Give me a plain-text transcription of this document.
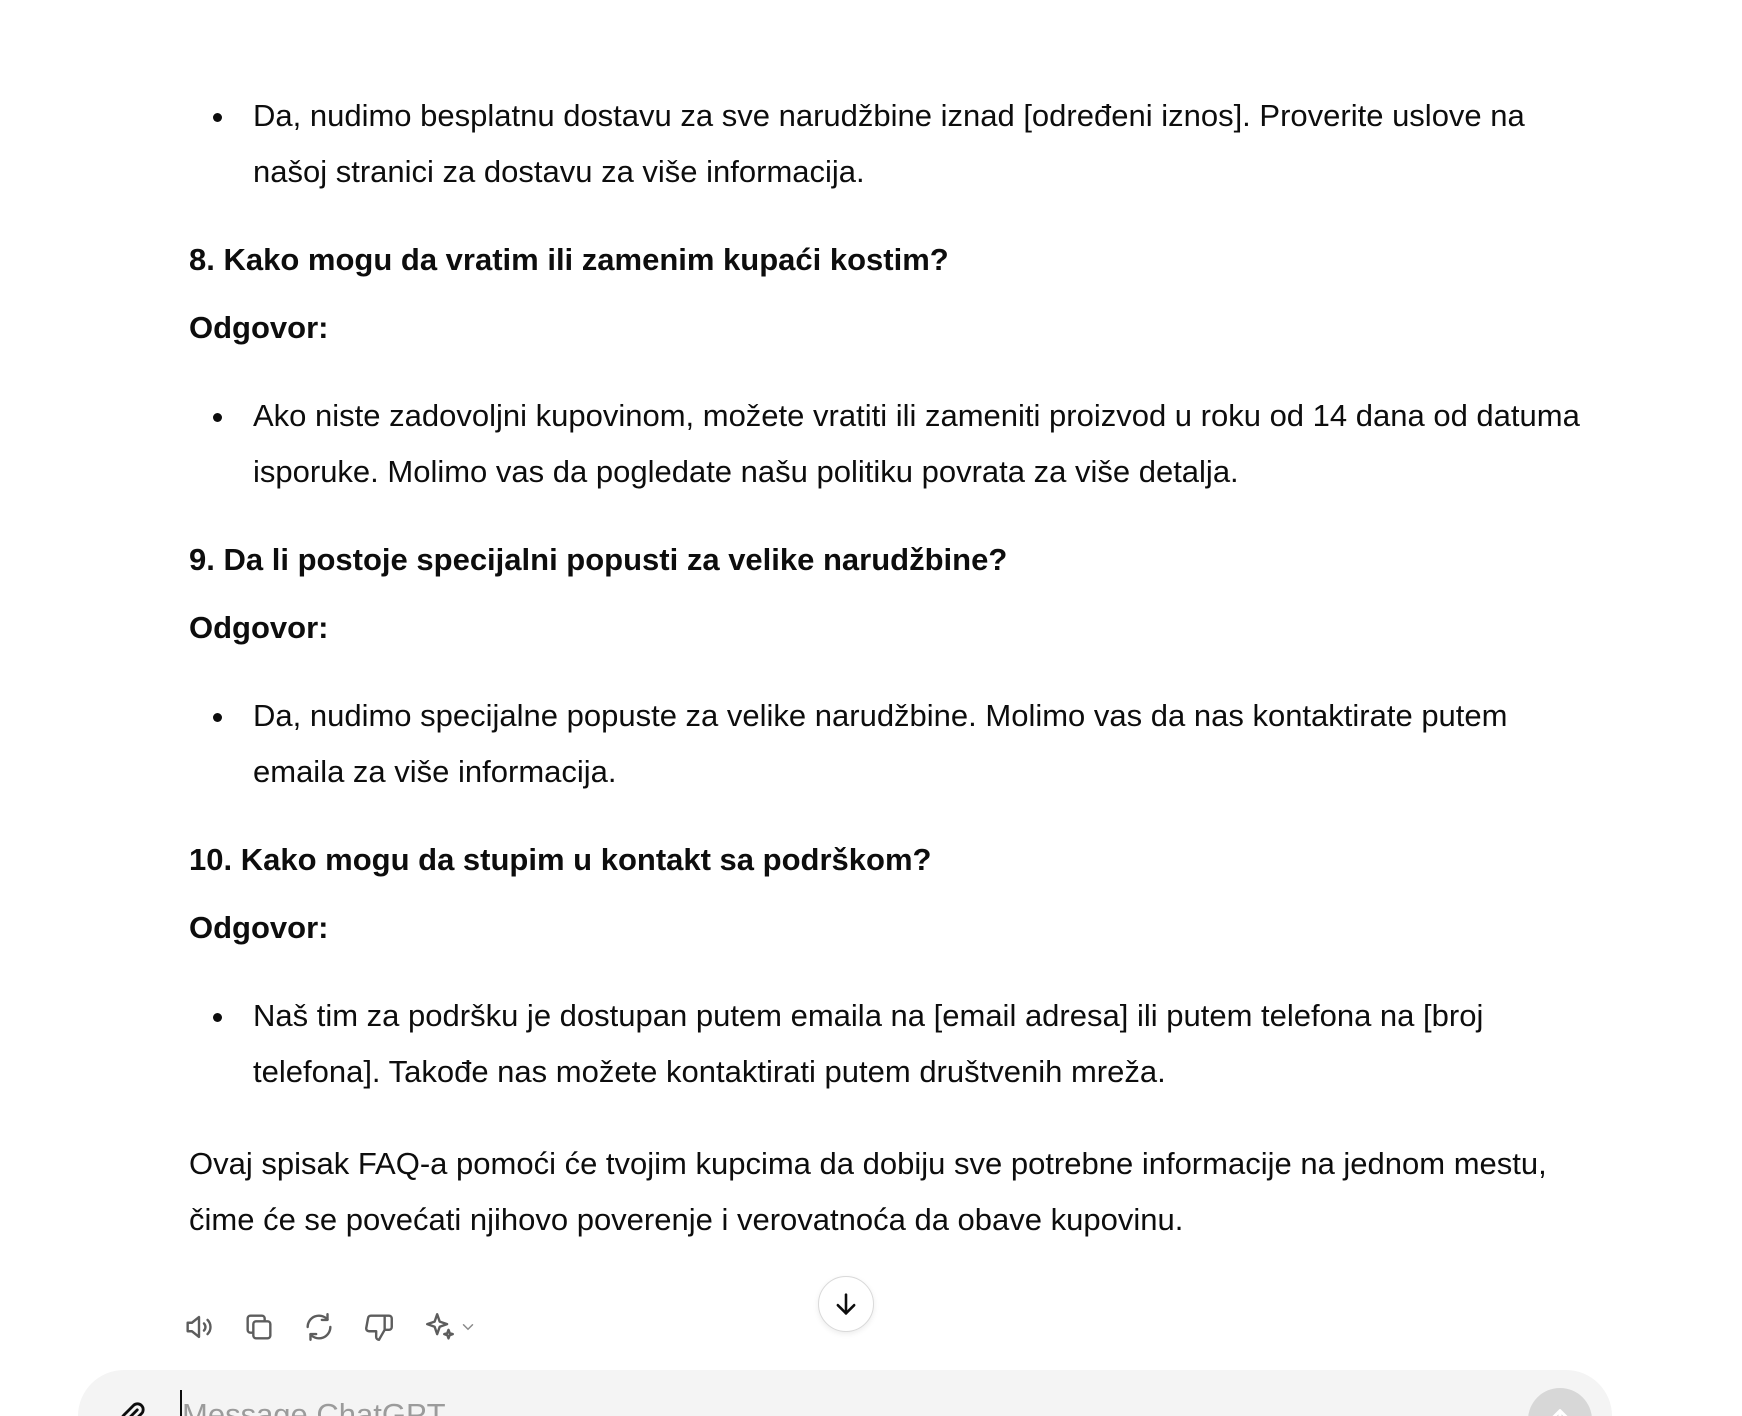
Da, nudimo besplatnu dostavu za sve narudžbine iznad [određeni iznos]. Proverite uslove na našoj stranici za dostavu za više informacija.
8. Kako mogu da vratim ili zamenim kupaći kostim?
Odgovor:
Ako niste zadovoljni kupovinom, možete vratiti ili zameniti proizvod u roku od 14 dana od datuma isporuke. Molimo vas da pogledate našu politiku povrata za više detalja.
9. Da li postoje specijalni popusti za velike narudžbine?
Odgovor:
Da, nudimo specijalne popuste za velike narudžbine. Molimo vas da nas kontaktirate putem emaila za više informacija.
10. Kako mogu da stupim u kontakt sa podrškom?
Odgovor:
Naš tim za podršku je dostupan putem emaila na [email adresa] ili putem telefona na [broj telefona]. Takođe nas možete kontaktirati putem društvenih mreža.

Ovaj spisak FAQ-a pomoći će tvojim kupcima da dobiju sve potrebne informacije na jednom mestu, čime će se povećati njihovo poverenje i verovatnoća da obave kupovinu.

Message ChatGPT
